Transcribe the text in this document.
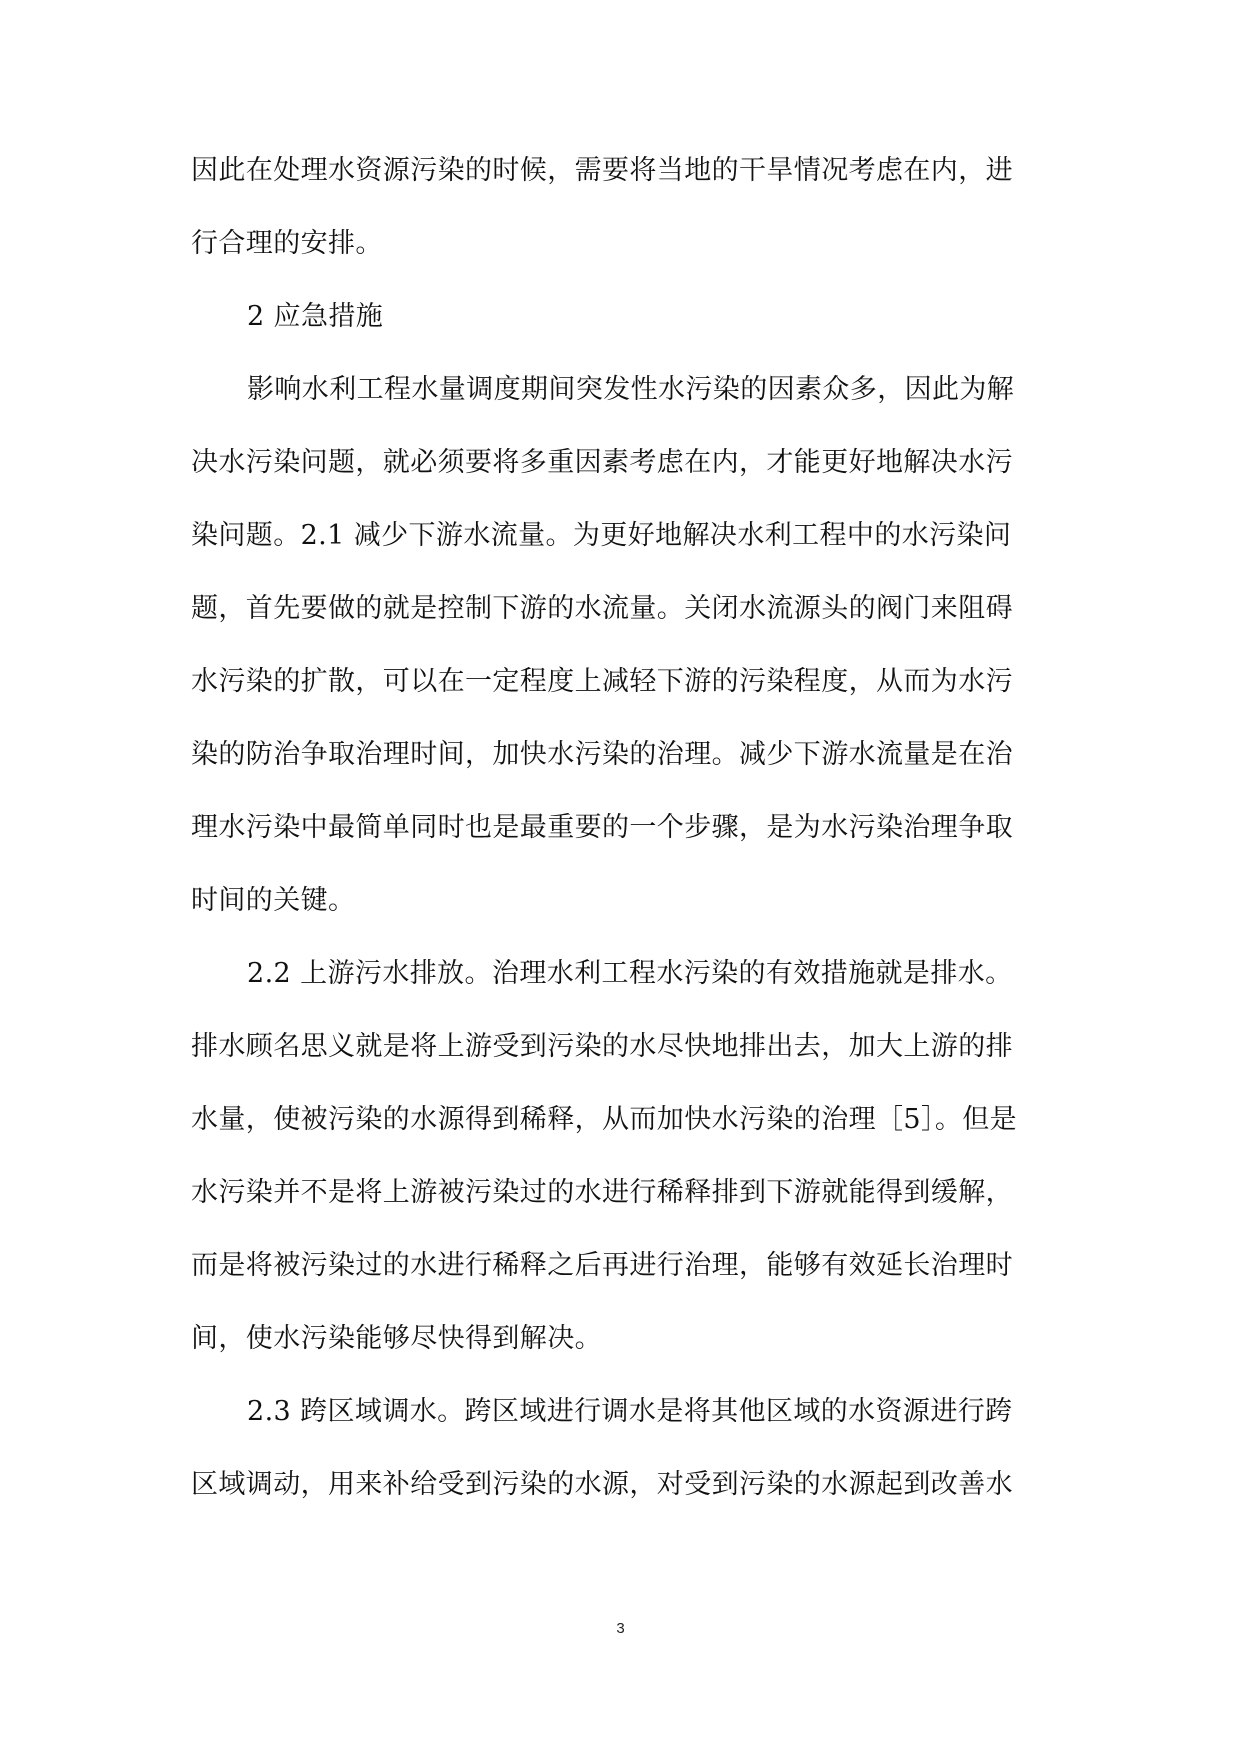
因此在处理水资源污染的时候，需要将当地的干旱情况考虑在内，进
行合理的安排。
2 应急措施
影响水利工程水量调度期间突发性水污染的因素众多，因此为解
决水污染问题，就必须要将多重因素考虑在内，才能更好地解决水污
染问题。2.1 减少下游水流量。为更好地解决水利工程中的水污染问
题，首先要做的就是控制下游的水流量。关闭水流源头的阀门来阻碍
水污染的扩散，可以在一定程度上减轻下游的污染程度，从而为水污
染的防治争取治理时间，加快水污染的治理。减少下游水流量是在治
理水污染中最简单同时也是最重要的一个步骤，是为水污染治理争取
时间的关键。
2.2 上游污水排放。治理水利工程水污染的有效措施就是排水。
排水顾名思义就是将上游受到污染的水尽快地排出去，加大上游的排
水量，使被污染的水源得到稀释，从而加快水污染的治理［5］。但是
水污染并不是将上游被污染过的水进行稀释排到下游就能得到缓解，
而是将被污染过的水进行稀释之后再进行治理，能够有效延长治理时
间，使水污染能够尽快得到解决。
2.3 跨区域调水。跨区域进行调水是将其他区域的水资源进行跨
区域调动，用来补给受到污染的水源，对受到污染的水源起到改善水
3
